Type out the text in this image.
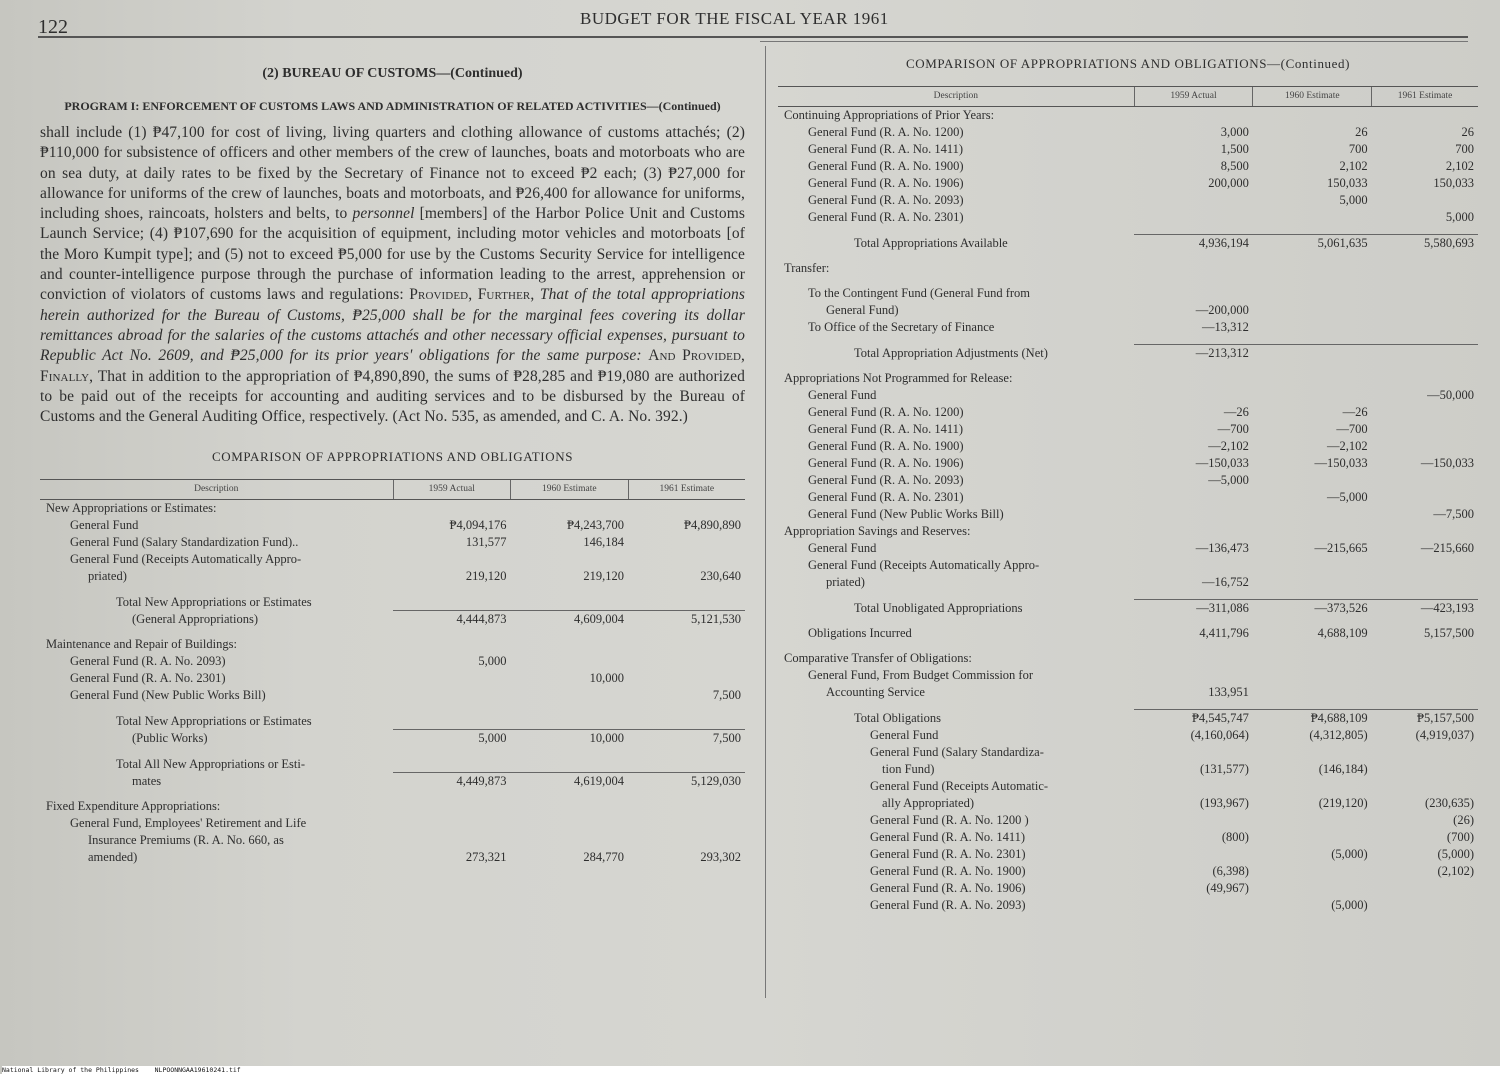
122	BUDGET FOR THE FISCAL YEAR 1961
(2) BUREAU OF CUSTOMS—(Continued)
PROGRAM I: ENFORCEMENT OF CUSTOMS LAWS AND ADMINISTRATION OF RELATED ACTIVITIES—(Continued)
shall include (1) ₱47,100 for cost of living, living quarters and clothing allowance of customs attachés; (2) ₱110,000 for subsistence of officers and other members of the crew of launches, boats and motorboats who are on sea duty, at daily rates to be fixed by the Secretary of Finance not to exceed ₱2 each; (3) ₱27,000 for allowance for uniforms of the crew of launches, boats and motorboats, and ₱26,400 for allowance for uniforms, including shoes, raincoats, holsters and belts, to personnel [members] of the Harbor Police Unit and Customs Launch Service; (4) ₱107,690 for the acquisition of equipment, including motor vehicles and motorboats [of the Moro Kumpit type]; and (5) not to exceed ₱5,000 for use by the Customs Security Service for intelligence and counter-intelligence purpose through the purchase of information leading to the arrest, apprehension or conviction of violators of customs laws and regulations: Provided, Further, That of the total appropriations herein authorized for the Bureau of Customs, ₱25,000 shall be for the marginal fees covering its dollar remittances abroad for the salaries of the customs attachés and other necessary official expenses, pursuant to Republic Act No. 2609, and ₱25,000 for its prior years' obligations for the same purpose: And Provided, Finally, That in addition to the appropriation of ₱4,890,890, the sums of ₱28,285 and ₱19,080 are authorized to be paid out of the receipts for accounting and auditing services and to be disbursed by the Bureau of Customs and the General Auditing Office, respectively. (Act No. 535, as amended, and C. A. No. 392.)
COMPARISON OF APPROPRIATIONS AND OBLIGATIONS
Description	1959 Actual	1960 Estimate	1961 Estimate
New Appropriations or Estimates:			
General Fund	₱4,094,176	₱4,243,700	₱4,890,890
General Fund (Salary Standardization Fund)..	131,577	146,184	
General Fund (Receipts Automatically Appro-			
priated)	219,120	219,120	230,640

Total New Appropriations or Estimates			
(General Appropriations)	4,444,873	4,609,004	5,121,530

Maintenance and Repair of Buildings:			
General Fund (R. A. No. 2093)	5,000		
General Fund (R. A. No. 2301)		10,000	
General Fund (New Public Works Bill)			7,500

Total New Appropriations or Estimates			
(Public Works)	5,000	10,000	7,500

Total All New Appropriations or Esti-			
mates	4,449,873	4,619,004	5,129,030

Fixed Expenditure Appropriations:			
General Fund, Employees' Retirement and Life			
Insurance Premiums (R. A. No. 660, as			
amended)	273,321	284,770	293,302
COMPARISON OF APPROPRIATIONS AND OBLIGATIONS—(Continued)
Description	1959 Actual	1960 Estimate	1961 Estimate
Continuing Appropriations of Prior Years:			
General Fund (R. A. No. 1200)	3,000	26	26
General Fund (R. A. No. 1411)	1,500	700	700
General Fund (R. A. No. 1900)	8,500	2,102	2,102
General Fund (R. A. No. 1906)	200,000	150,033	150,033
General Fund (R. A. No. 2093)		5,000	
General Fund (R. A. No. 2301)			5,000

Total Appropriations Available	4,936,194	5,061,635	5,580,693

Transfer:			

To the Contingent Fund (General Fund from			
General Fund)	—200,000		
To Office of the Secretary of Finance	—13,312		

Total Appropriation Adjustments (Net)	—213,312		

Appropriations Not Programmed for Release:			
General Fund			—50,000
General Fund (R. A. No. 1200)	—26	—26	
General Fund (R. A. No. 1411)	—700	—700	
General Fund (R. A. No. 1900)	—2,102	—2,102	
General Fund (R. A. No. 1906)	—150,033	—150,033	—150,033
General Fund (R. A. No. 2093)	—5,000		
General Fund (R. A. No. 2301)		—5,000	
General Fund (New Public Works Bill)			—7,500
Appropriation Savings and Reserves:			
General Fund	—136,473	—215,665	—215,660
General Fund (Receipts Automatically Appro-			
priated)	—16,752		

Total Unobligated Appropriations	—311,086	—373,526	—423,193

Obligations Incurred	4,411,796	4,688,109	5,157,500

Comparative Transfer of Obligations:			
General Fund, From Budget Commission for			
Accounting Service	133,951		

Total Obligations	₱4,545,747	₱4,688,109	₱5,157,500
General Fund	(4,160,064)	(4,312,805)	(4,919,037)
General Fund (Salary Standardiza-			
tion Fund)	(131,577)	(146,184)	
General Fund (Receipts Automatic-			
ally Appropriated)	(193,967)	(219,120)	(230,635)
General Fund (R. A. No. 1200 )			(26)
General Fund (R. A. No. 1411)	(800)		(700)
General Fund (R. A. No. 2301)		(5,000)	(5,000)
General Fund (R. A. No. 1900)	(6,398)		(2,102)
General Fund (R. A. No. 1906)	(49,967)		
General Fund (R. A. No. 2093)		(5,000)	
National Library of the Philippines NLPOONNGAA19610241.tif
